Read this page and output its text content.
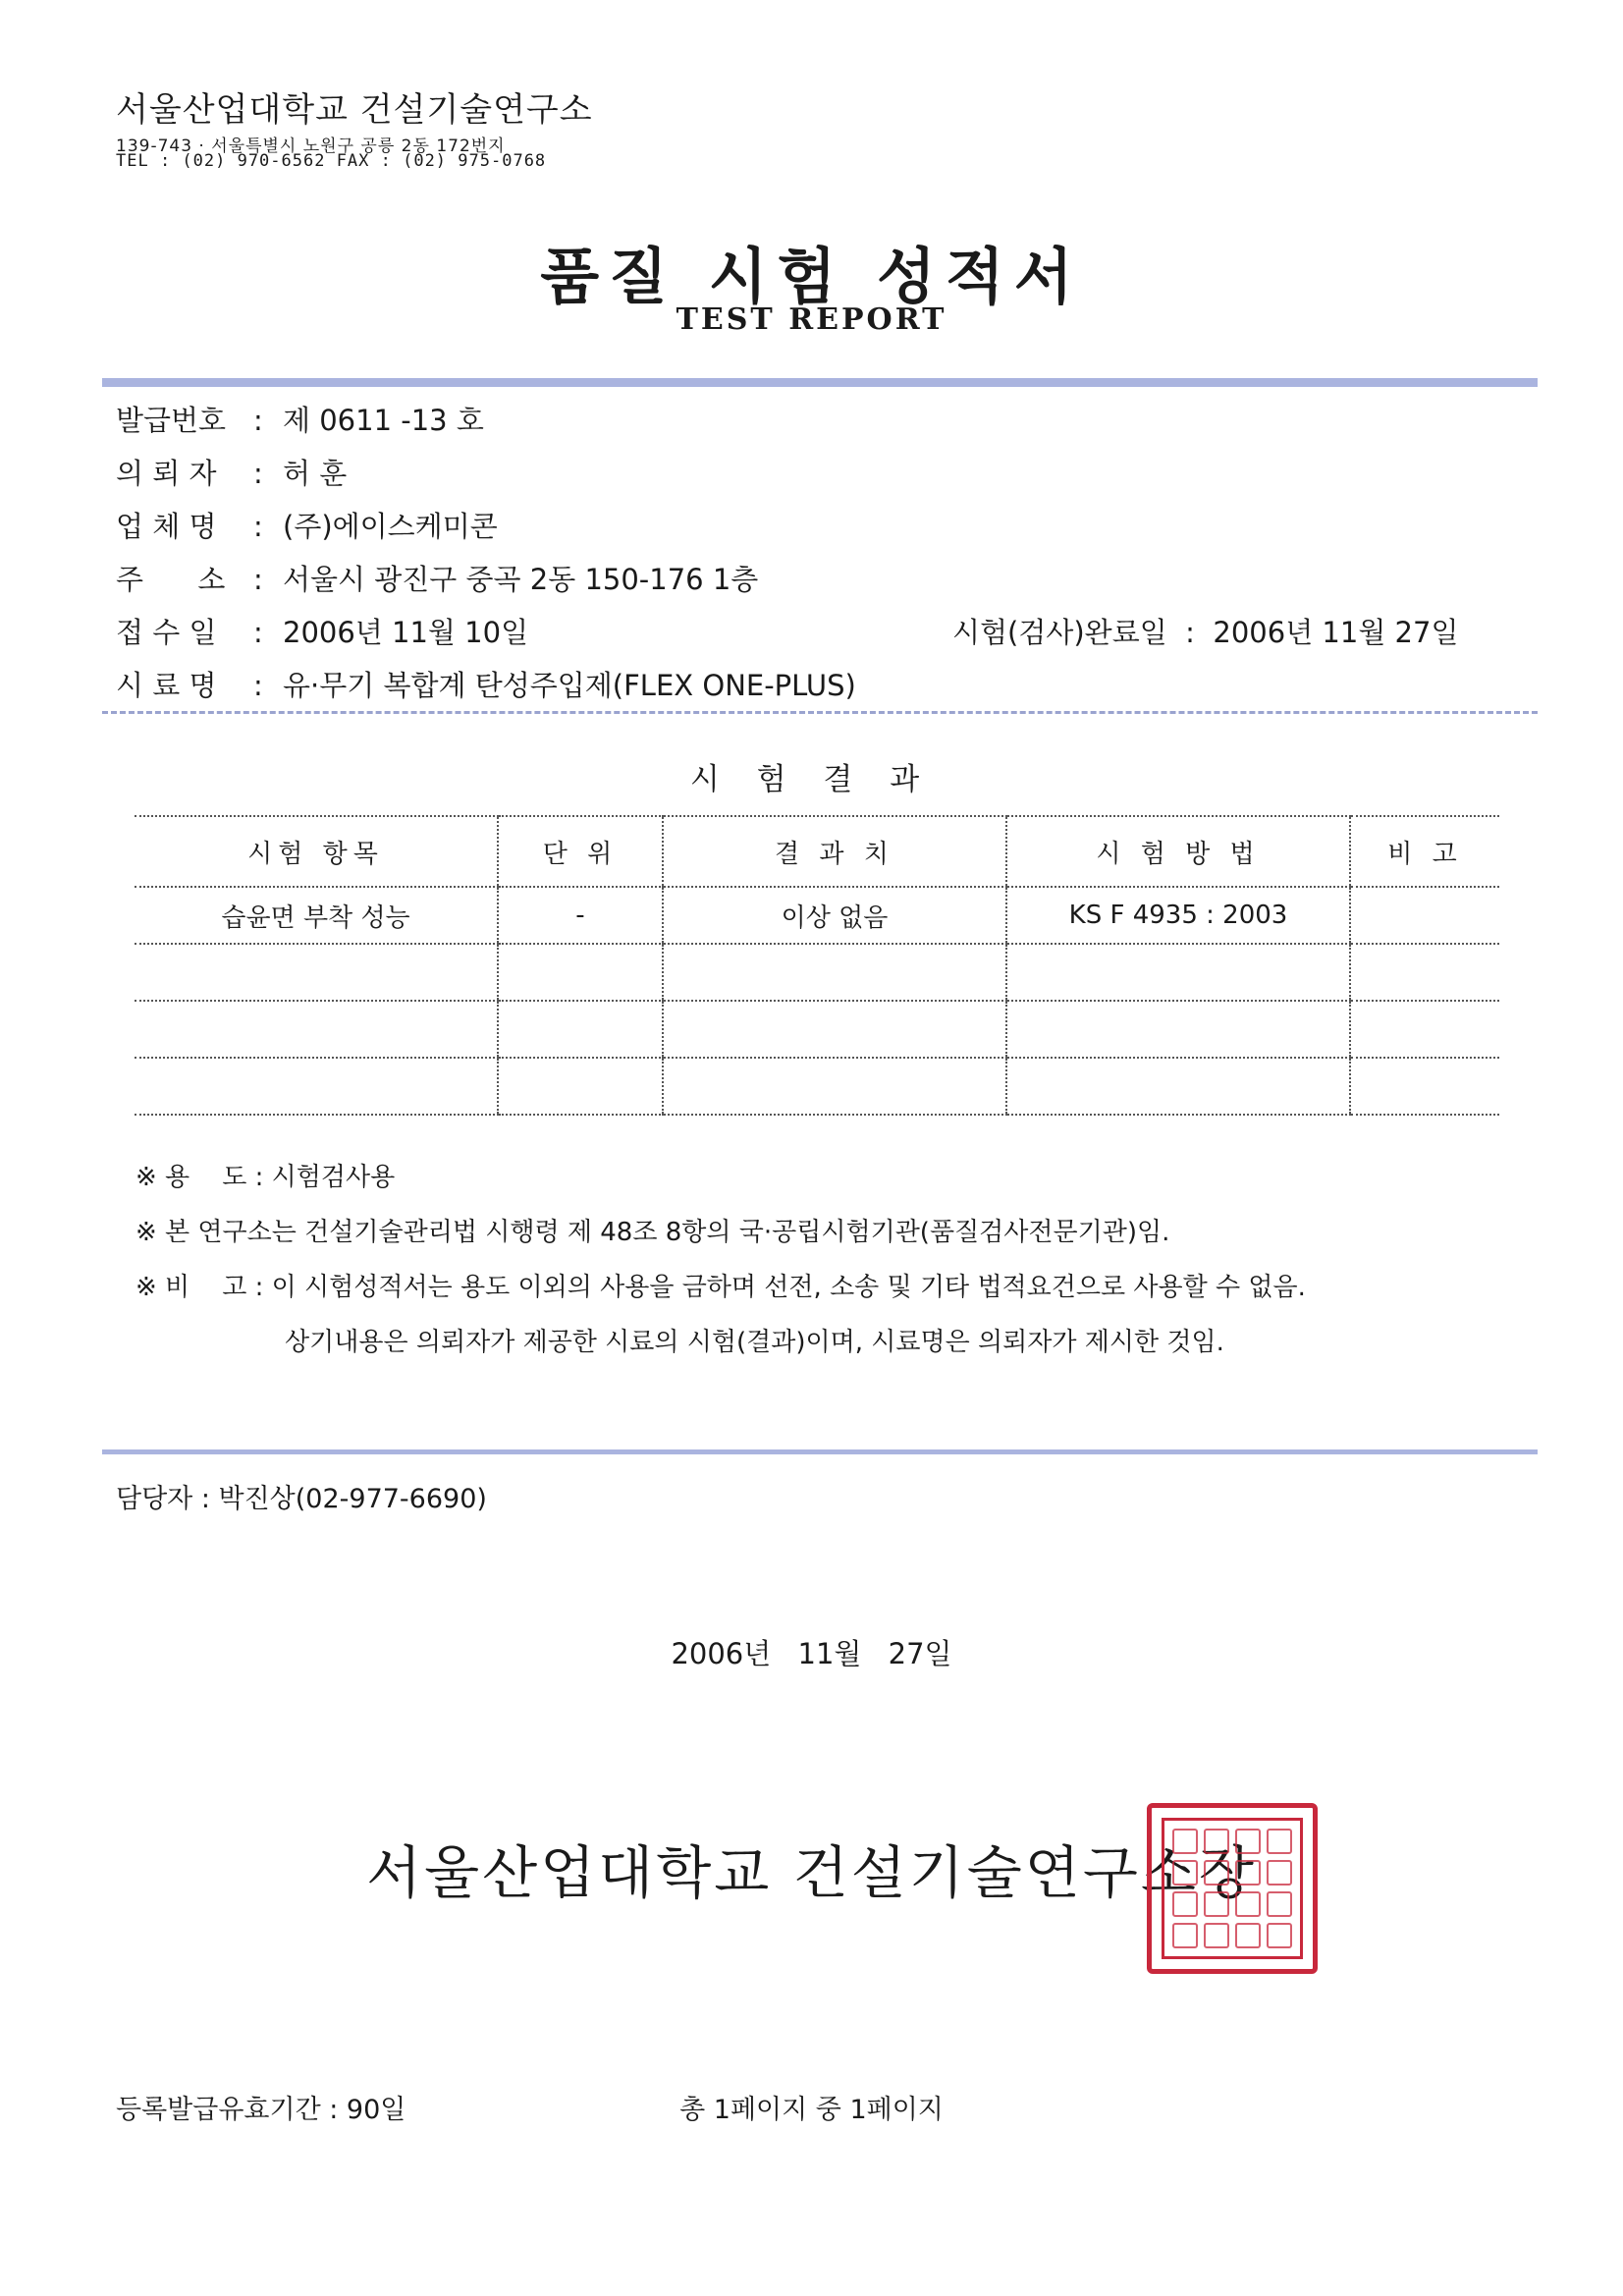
서울산업대학교 건설기술연구소
139-743 · 서울특별시 노원구 공릉 2동 172번지
TEL : (02) 970-6562 FAX : (02) 975-0768
품질 시험 성적서
TEST REPORT
발급번호 : 제 0611 -13 호
의 뢰 자 : 허 훈
업 체 명 : (주)에이스케미콘
주      소 : 서울시 광진구 중곡 2동 150-176 1층
접 수 일 : 2006년 11월 10일	시험(검사)완료일  :  2006년 11월 27일
시 료 명 : 유·무기 복합계 탄성주입제(FLEX ONE-PLUS)
시 험 결 과
시험 항목	단 위	결 과 치	시 험 방 법	비 고
습윤면 부착 성능	-	이상 없음	KS F 4935 : 2003	

※ 용    도 : 시험검사용
※ 본 연구소는 건설기술관리법 시행령 제 48조 8항의 국·공립시험기관(품질검사전문기관)임.
※ 비    고 : 이 시험성적서는 용도 이외의 사용을 금하며 선전, 소송 및 기타 법적요건으로 사용할 수 없음.
상기내용은 의뢰자가 제공한 시료의 시험(결과)이며, 시료명은 의뢰자가 제시한 것임.
담당자 : 박진상(02-977-6690)
2006년 11월 27일
서울산업대학교 건설기술연구소장
등록발급유효기간 : 90일	총 1페이지 중 1페이지
